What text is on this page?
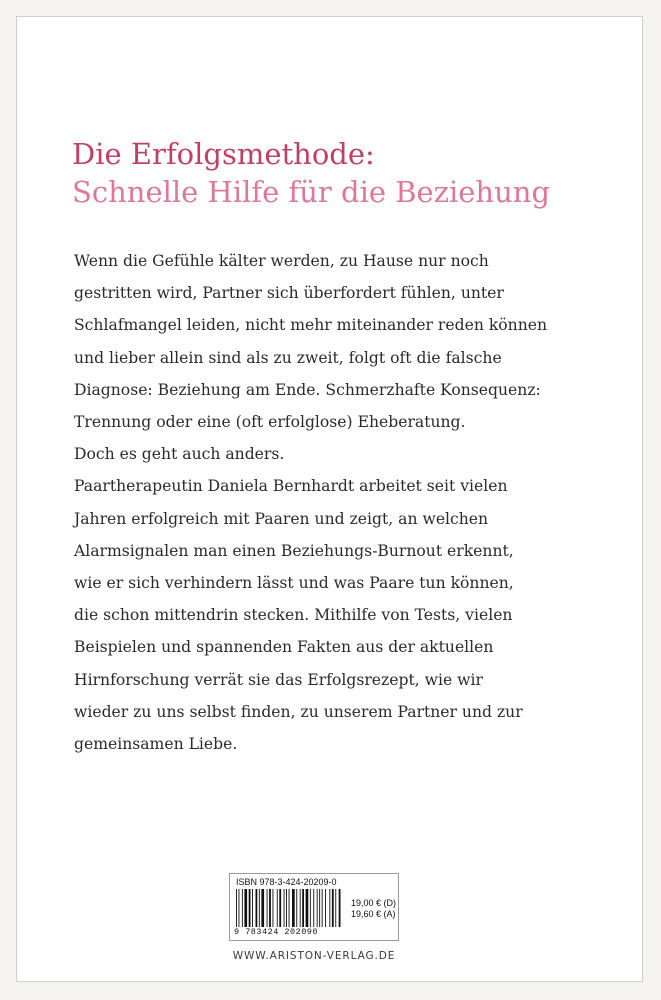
Die Erfolgsmethode:
Schnelle Hilfe für die Beziehung
Wenn die Gefühle kälter werden, zu Hause nur noch
gestritten wird, Partner sich überfordert fühlen, unter
Schlafmangel leiden, nicht mehr miteinander reden können
und lieber allein sind als zu zweit, folgt oft die falsche
Diagnose: Beziehung am Ende. Schmerzhafte Konsequenz:
Trennung oder eine (oft erfolglose) Eheberatung.
Doch es geht auch anders.
Paartherapeutin Daniela Bernhardt arbeitet seit vielen
Jahren erfolgreich mit Paaren und zeigt, an welchen
Alarmsignalen man einen Beziehungs-Burnout erkennt,
wie er sich verhindern lässt und was Paare tun können,
die schon mittendrin stecken. Mithilfe von Tests, vielen
Beispielen und spannenden Fakten aus der aktuellen
Hirnforschung verrät sie das Erfolgsrezept, wie wir
wieder zu uns selbst finden, zu unserem Partner und zur
gemeinsamen Liebe.
ISBN 978-3-424-20209-0
9 783424 202090
19,00 € (D)
19,60 € (A)
WWW.ARISTON-VERLAG.DE
